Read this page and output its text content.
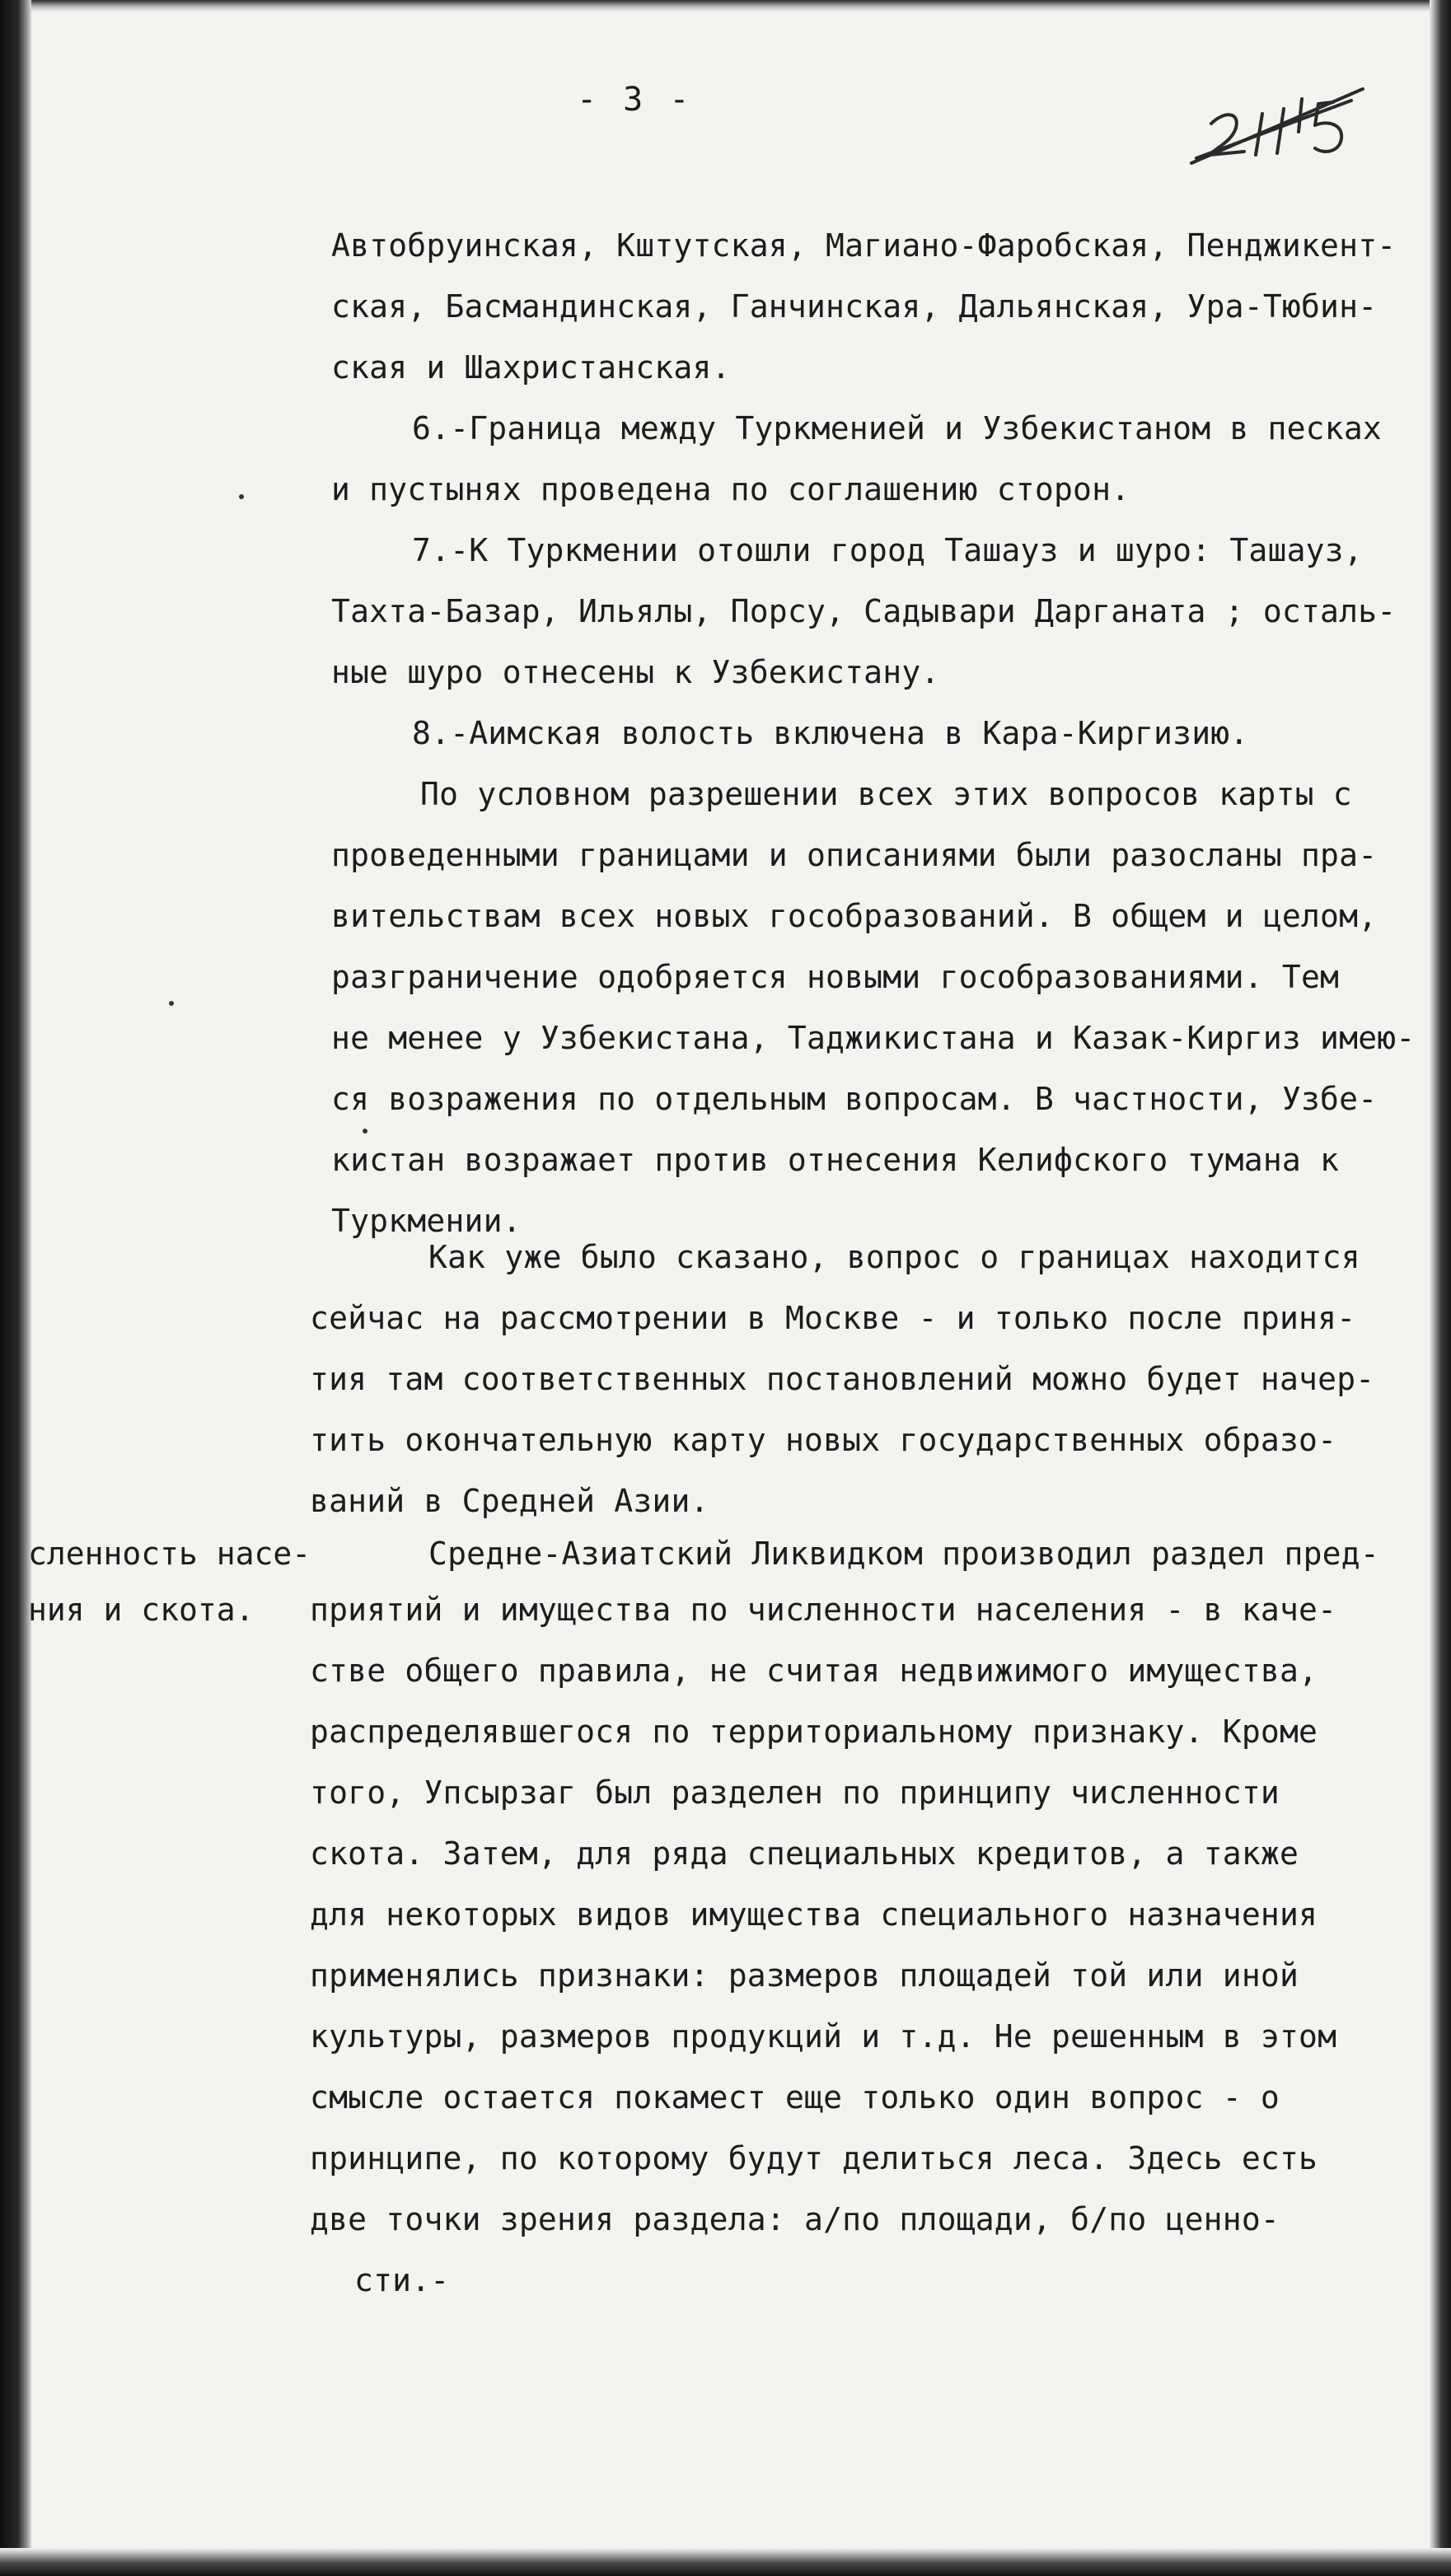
- 3 -
Автобруинская, Кштутская, Магиано-Фаробская, Пенджикент-
ская, Басмандинская, Ганчинская, Дальянская, Ура-Тюбин-
ская и Шахристанская.
6.-Граница между Туркменией и Узбекистаном в песках
и пустынях проведена по соглашению сторон.
7.-К Туркмении отошли город Ташауз и шуро: Ташауз,
Тахта-Базар, Ильялы, Порсу, Садывари Дарганата ; осталь-
ные шуро отнесены к Узбекистану.
8.-Аимская волость включена в Кара-Киргизию.
По условном разрешении всех этих вопросов карты с
проведенными границами и описаниями были разосланы пра-
вительствам всех новых гособразований. В общем и целом,
разграничение одобряется новыми гособразованиями. Тем
не менее у Узбекистана, Таджикистана и Казак-Киргиз имею-
ся возражения по отдельным вопросам. В частности, Узбе-
кистан возражает против отнесения Келифского тумана к
Туркмении.
Как уже было сказано, вопрос о границах находится
сейчас на рассмотрении в Москве - и только после приня-
тия там соответственных постановлений можно будет начер-
тить окончательную карту новых государственных образо-
ваний в Средней Азии.
Средне-Азиатский Ликвидком производил раздел пред-
приятий и имущества по численности населения - в каче-
стве общего правила, не считая недвижимого имущества,
распределявшегося по территориальному признаку. Кроме
того, Упсырзаг был разделен по принципу численности
скота. Затем, для ряда специальных кредитов, а также
для некоторых видов имущества специального назначения
применялись признаки: размеров площадей той или иной
культуры, размеров продукций и т.д. Не решенным в этом
смысле остается покамест еще только один вопрос - о
принципе, по которому будут делиться леса. Здесь есть
две точки зрения раздела: а/по площади, б/по ценно-
сти.-
сленность насе-
ния и скота.
